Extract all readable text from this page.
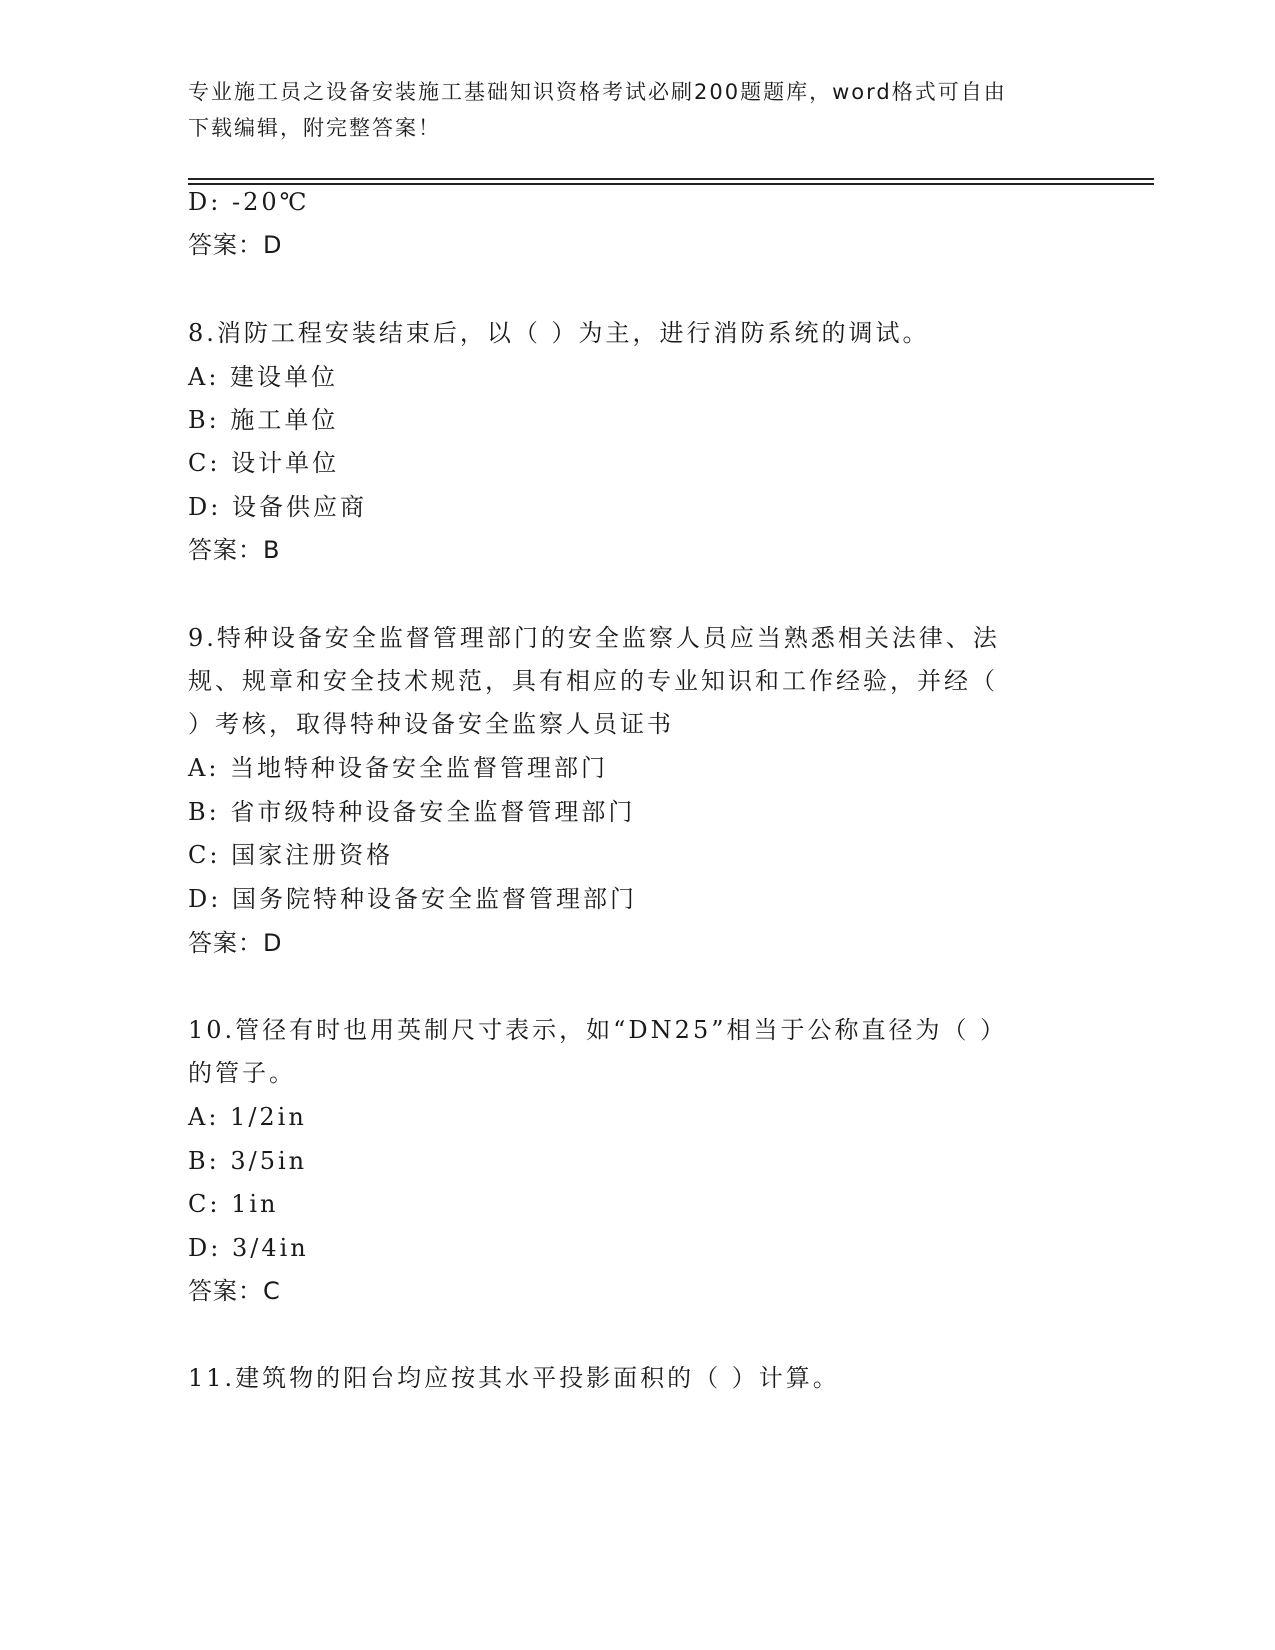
专业施工员之设备安装施工基础知识资格考试必刷200题题库，word格式可自由
下载编辑，附完整答案！
D: -20℃
答案：D
8.消防工程安装结束后，以（ ）为主，进行消防系统的调试。
A: 建设单位
B: 施工单位
C: 设计单位
D: 设备供应商
答案：B
9.特种设备安全监督管理部门的安全监察人员应当熟悉相关法律、法
规、规章和安全技术规范，具有相应的专业知识和工作经验，并经（
）考核，取得特种设备安全监察人员证书
A: 当地特种设备安全监督管理部门
B: 省市级特种设备安全监督管理部门
C: 国家注册资格
D: 国务院特种设备安全监督管理部门
答案：D
10.管径有时也用英制尺寸表示，如“DN25”相当于公称直径为（ ）
的管子。
A: 1/2in
B: 3/5in
C: 1in
D: 3/4in
答案：C
11.建筑物的阳台均应按其水平投影面积的（ ）计算。
